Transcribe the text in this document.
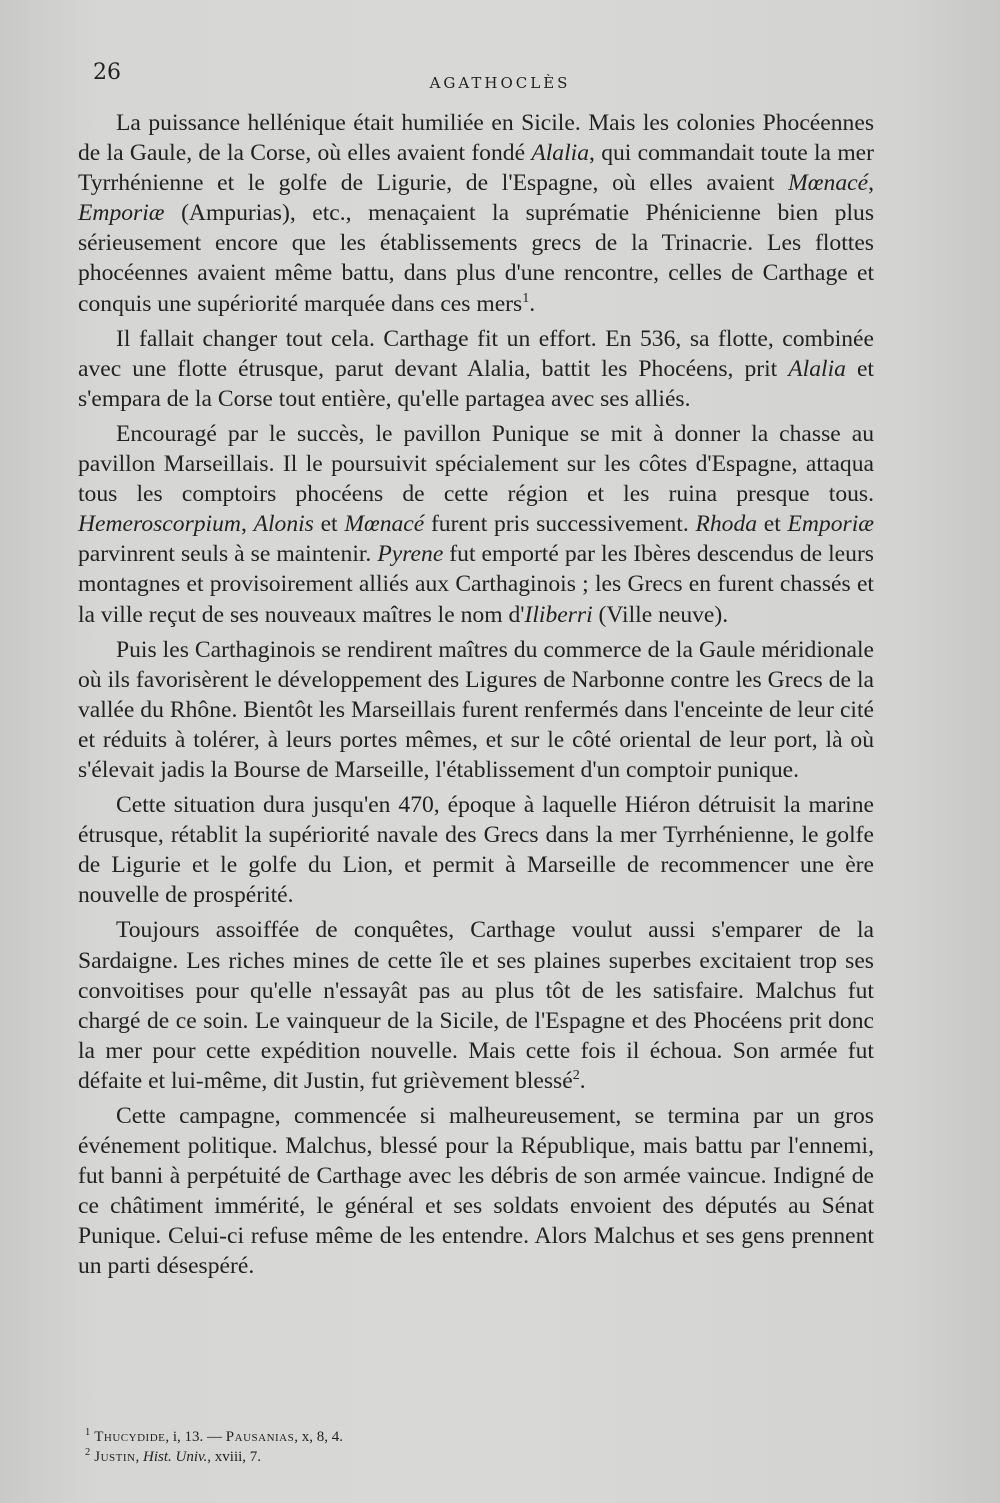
26	AGATHOCLÈS

La puissance hellénique était humiliée en Sicile. Mais les colonies Phocéennes de la Gaule, de la Corse, où elles avaient fondé Alalia, qui commandait toute la mer Tyrrhénienne et le golfe de Ligurie, de l'Espagne, où elles avaient Mœnacé, Emporiæ (Ampurias), etc., menaçaient la suprématie Phénicienne bien plus sérieusement encore que les établissements grecs de la Trinacrie. Les flottes phocéennes avaient même battu, dans plus d'une rencontre, celles de Carthage et conquis une supériorité marquée dans ces mers$^1$.

Il fallait changer tout cela. Carthage fit un effort. En 536, sa flotte, combinée avec une flotte étrusque, parut devant Alalia, battit les Phocéens, prit Alalia et s'empara de la Corse tout entière, qu'elle partagea avec ses alliés.

Encouragé par le succès, le pavillon Punique se mit à donner la chasse au pavillon Marseillais. Il le poursuivit spécialement sur les côtes d'Espagne, attaqua tous les comptoirs phocéens de cette région et les ruina presque tous. Hemeroscorpium, Alonis et Mœnacé furent pris successivement. Rhoda et Emporiæ parvinrent seuls à se maintenir. Pyrene fut emporté par les Ibères descendus de leurs montagnes et provisoirement alliés aux Carthaginois ; les Grecs en furent chassés et la ville reçut de ses nouveaux maîtres le nom d'Iliberri (Ville neuve).

Puis les Carthaginois se rendirent maîtres du commerce de la Gaule méridionale où ils favorisèrent le développement des Ligures de Narbonne contre les Grecs de la vallée du Rhône. Bientôt les Marseillais furent renfermés dans l'enceinte de leur cité et réduits à tolérer, à leurs portes mêmes, et sur le côté oriental de leur port, là où s'élevait jadis la Bourse de Marseille, l'établissement d'un comptoir punique.

Cette situation dura jusqu'en 470, époque à laquelle Hiéron détruisit la marine étrusque, rétablit la supériorité navale des Grecs dans la mer Tyrrhénienne, le golfe de Ligurie et le golfe du Lion, et permit à Marseille de recommencer une ère nouvelle de prospérité.

Toujours assoiffée de conquêtes, Carthage voulut aussi s'emparer de la Sardaigne. Les riches mines de cette île et ses plaines superbes excitaient trop ses convoitises pour qu'elle n'essayât pas au plus tôt de les satisfaire. Malchus fut chargé de ce soin. Le vainqueur de la Sicile, de l'Espagne et des Phocéens prit donc la mer pour cette expédition nouvelle. Mais cette fois il échoua. Son armée fut défaite et lui-même, dit Justin, fut grièvement blessé$^2$.

Cette campagne, commencée si malheureusement, se termina par un gros événement politique. Malchus, blessé pour la République, mais battu par l'ennemi, fut banni à perpétuité de Carthage avec les débris de son armée vaincue. Indigné de ce châtiment immérité, le général et ses soldats envoient des députés au Sénat Punique. Celui-ci refuse même de les entendre. Alors Malchus et ses gens prennent un parti désespéré.

$^1$ Thucydide, i, 13. — Pausanias, x, 8, 4.
$^2$ Justin, Hist. Univ., xviii, 7.
